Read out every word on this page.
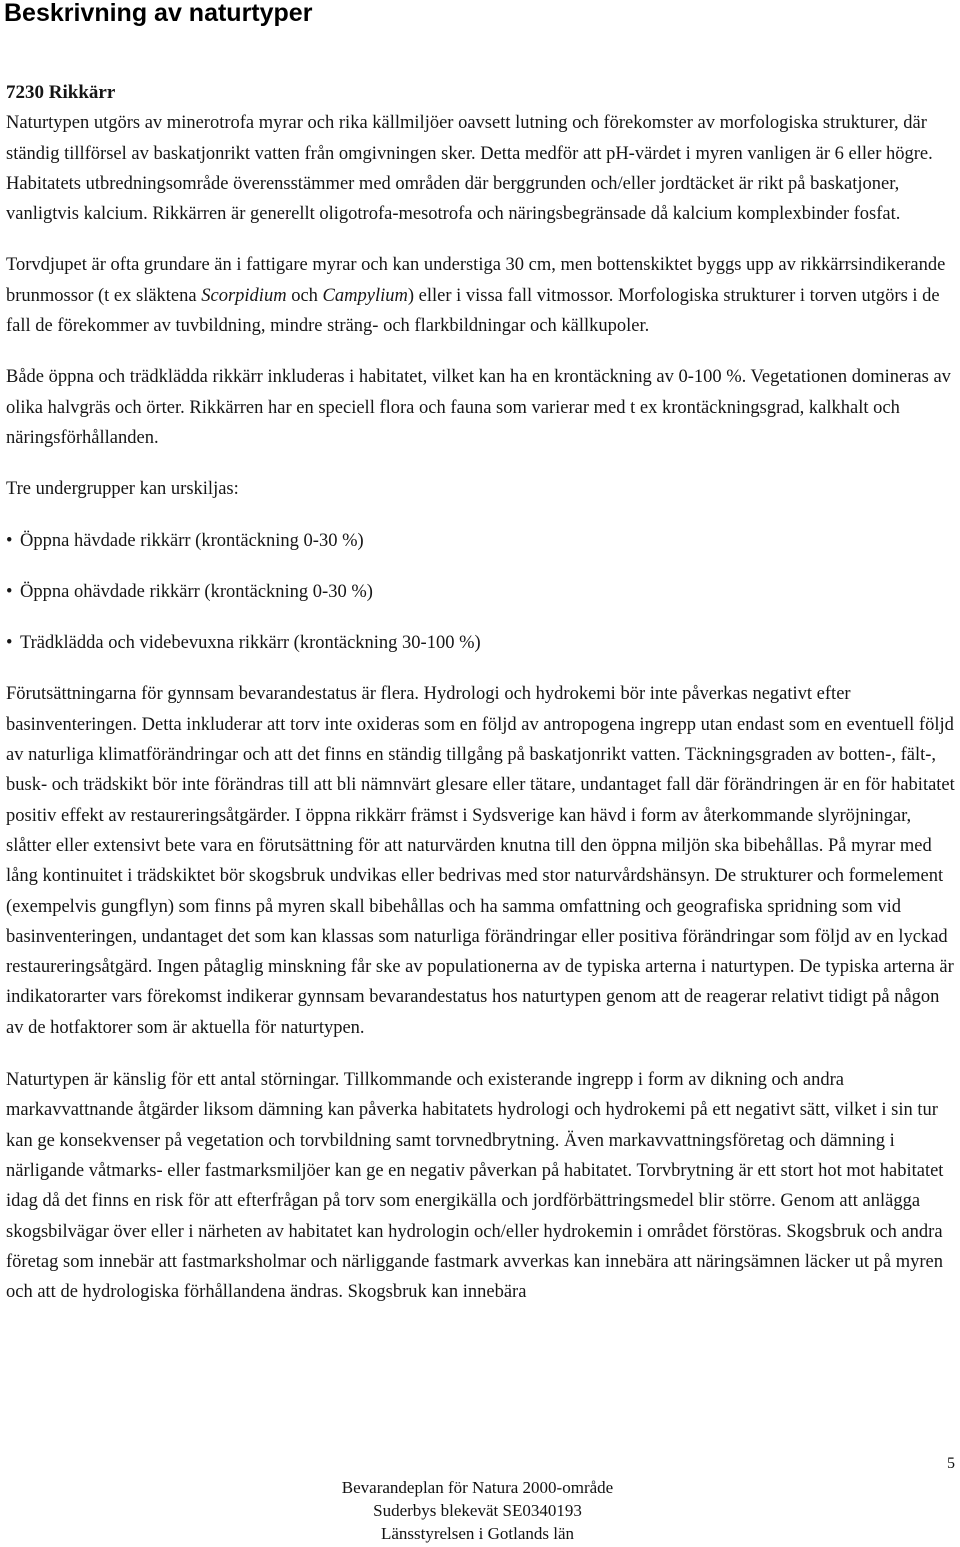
Beskrivning av naturtyper
7230 Rikkärr

Naturtypen utgörs av minerotrofa myrar och rika källmiljöer oavsett lutning och förekomster av morfologiska strukturer, där ständig tillförsel av baskatjonrikt vatten från omgivningen sker. Detta medför att pH-värdet i myren vanligen är 6 eller högre. Habitatets utbredningsområde överensstämmer med områden där berggrunden och/eller jordtäcket är rikt på baskatjoner, vanligtvis kalcium. Rikkärren är generellt oligotrofa-mesotrofa och näringsbegränsade då kalcium komplexbinder fosfat.

Torvdjupet är ofta grundare än i fattigare myrar och kan understiga 30 cm, men bottenskiktet byggs upp av rikkärrsindikerande brunmossor (t ex släktena Scorpidium och Campylium) eller i vissa fall vitmossor. Morfologiska strukturer i torven utgörs i de fall de förekommer av tuvbildning, mindre sträng- och flarkbildningar och källkupoler.

Både öppna och trädklädda rikkärr inkluderas i habitatet, vilket kan ha en krontäckning av 0-100 %. Vegetationen domineras av olika halvgräs och örter. Rikkärren har en speciell flora och fauna som varierar med t ex krontäckningsgrad, kalkhalt och näringsförhållanden.

Tre undergrupper kan urskiljas:

• Öppna hävdade rikkärr (krontäckning 0-30 %)
• Öppna ohävdade rikkärr (krontäckning 0-30 %)
• Trädklädda och videbevuxna rikkärr (krontäckning 30-100 %)

Förutsättningarna för gynnsam bevarandestatus är flera. Hydrologi och hydrokemi bör inte påverkas negativt efter basinventeringen. Detta inkluderar att torv inte oxideras som en följd av antropogena ingrepp utan endast som en eventuell följd av naturliga klimatförändringar och att det finns en ständig tillgång på baskatjonrikt vatten. Täckningsgraden av botten-, fält-, busk- och trädskikt bör inte förändras till att bli nämnvärt glesare eller tätare, undantaget fall där förändringen är en för habitatet positiv effekt av restaureringsåtgärder. I öppna rikkärr främst i Sydsverige kan hävd i form av återkommande slyröjningar, slåtter eller extensivt bete vara en förutsättning för att naturvärden knutna till den öppna miljön ska bibehållas. På myrar med lång kontinuitet i trädskiktet bör skogsbruk undvikas eller bedrivas med stor naturvårdshänsyn. De strukturer och formelement (exempelvis gungflyn) som finns på myren skall bibehållas och ha samma omfattning och geografiska spridning som vid basinventeringen, undantaget det som kan klassas som naturliga förändringar eller positiva förändringar som följd av en lyckad restaureringsåtgärd. Ingen påtaglig minskning får ske av populationerna av de typiska arterna i naturtypen. De typiska arterna är indikatorarter vars förekomst indikerar gynnsam bevarandestatus hos naturtypen genom att de reagerar relativt tidigt på någon av de hotfaktorer som är aktuella för naturtypen.

Naturtypen är känslig för ett antal störningar. Tillkommande och existerande ingrepp i form av dikning och andra markavvattnande åtgärder liksom dämning kan påverka habitatets hydrologi och hydrokemi på ett negativt sätt, vilket i sin tur kan ge konsekvenser på vegetation och torvbildning samt torvnedbrytning. Även markavvattningsföretag och dämning i närligande våtmarks- eller fastmarksmiljöer kan ge en negativ påverkan på habitatet. Torvbrytning är ett stort hot mot habitatet idag då det finns en risk för att efterfrågan på torv som energikälla och jordförbättringsmedel blir större. Genom att anlägga skogsbilvägar över eller i närheten av habitatet kan hydrologin och/eller hydrokemin i området förstöras. Skogsbruk och andra företag som innebär att fastmarksholmar och närliggande fastmark avverkas kan innebära att näringsämnen läcker ut på myren och att de hydrologiska förhållandena ändras. Skogsbruk kan innebära

5
Bevarandeplan för Natura 2000-område
Suderbys blekevät SE0340193
Länsstyrelsen i Gotlands län
